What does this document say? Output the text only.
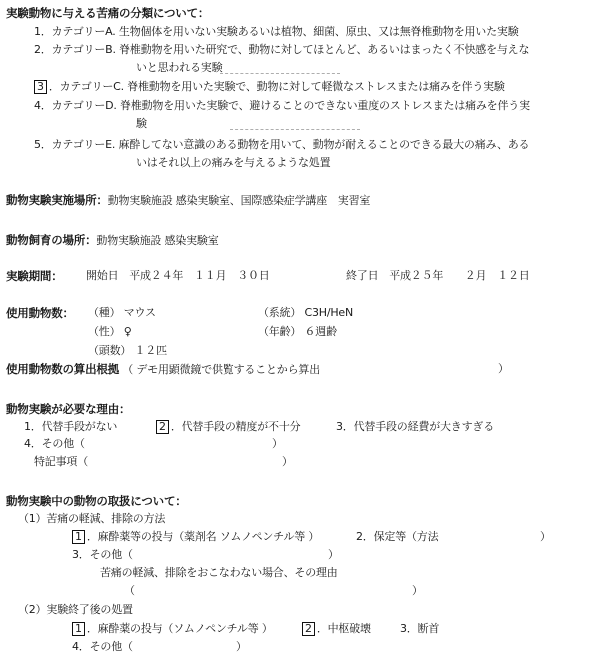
実験動物に与える苦痛の分類について：
1．カテゴリーA. 生物個体を用いない実験あるいは植物、細菌、原虫、又は無脊椎動物を用いた実験
2．カテゴリーB. 脊椎動物を用いた研究で、動物に対してほとんど、あるいはまったく不快感を与えな
いと思われる実験
3 ．カテゴリーC. 脊椎動物を用いた実験で、動物に対して軽微なストレスまたは痛みを伴う実験
4．カテゴリーD. 脊椎動物を用いた実験で、避けることのできない重度のストレスまたは痛みを伴う実
験
5．カテゴリーE. 麻酔してない意識のある動物を用いて、動物が耐えることのできる最大の痛み、ある
いはそれ以上の痛みを与えるような処置
動物実験実施場所：動物実験施設 感染実験室、国際感染症学講座　実習室
動物飼育の場所：動物実験施設 感染実験室
実験期間： 開始日　平成２４年　１１月　３０日	終了日　平成２５年　　２月　１２日
使用動物数： （種） マウス	（系統） C3H/HeN
（性） ♀	（年齢） ６週齢
（頭数） １２匹
使用動物数の算出根拠 （ デモ用顕微鏡で供覧することから算出	）
動物実験が必要な理由：
1．代替手段がない	2 ．代替手段の精度が不十分	3．代替手段の経費が大きすぎる
4．その他（	）
特記事項（	）
動物実験中の動物の取扱について：
（1）苦痛の軽減、排除の方法
1 ．麻酔薬等の投与（薬剤名 ソムノペンチル等 ）	2．保定等（方法	）
3．その他（	）
苦痛の軽減、排除をおこなわない場合、その理由
（	）
（2）実験終了後の処置
1 ．麻酔薬の投与（ソムノペンチル等 ）	2 ．中枢破壊	3．断首
4．その他（	）
